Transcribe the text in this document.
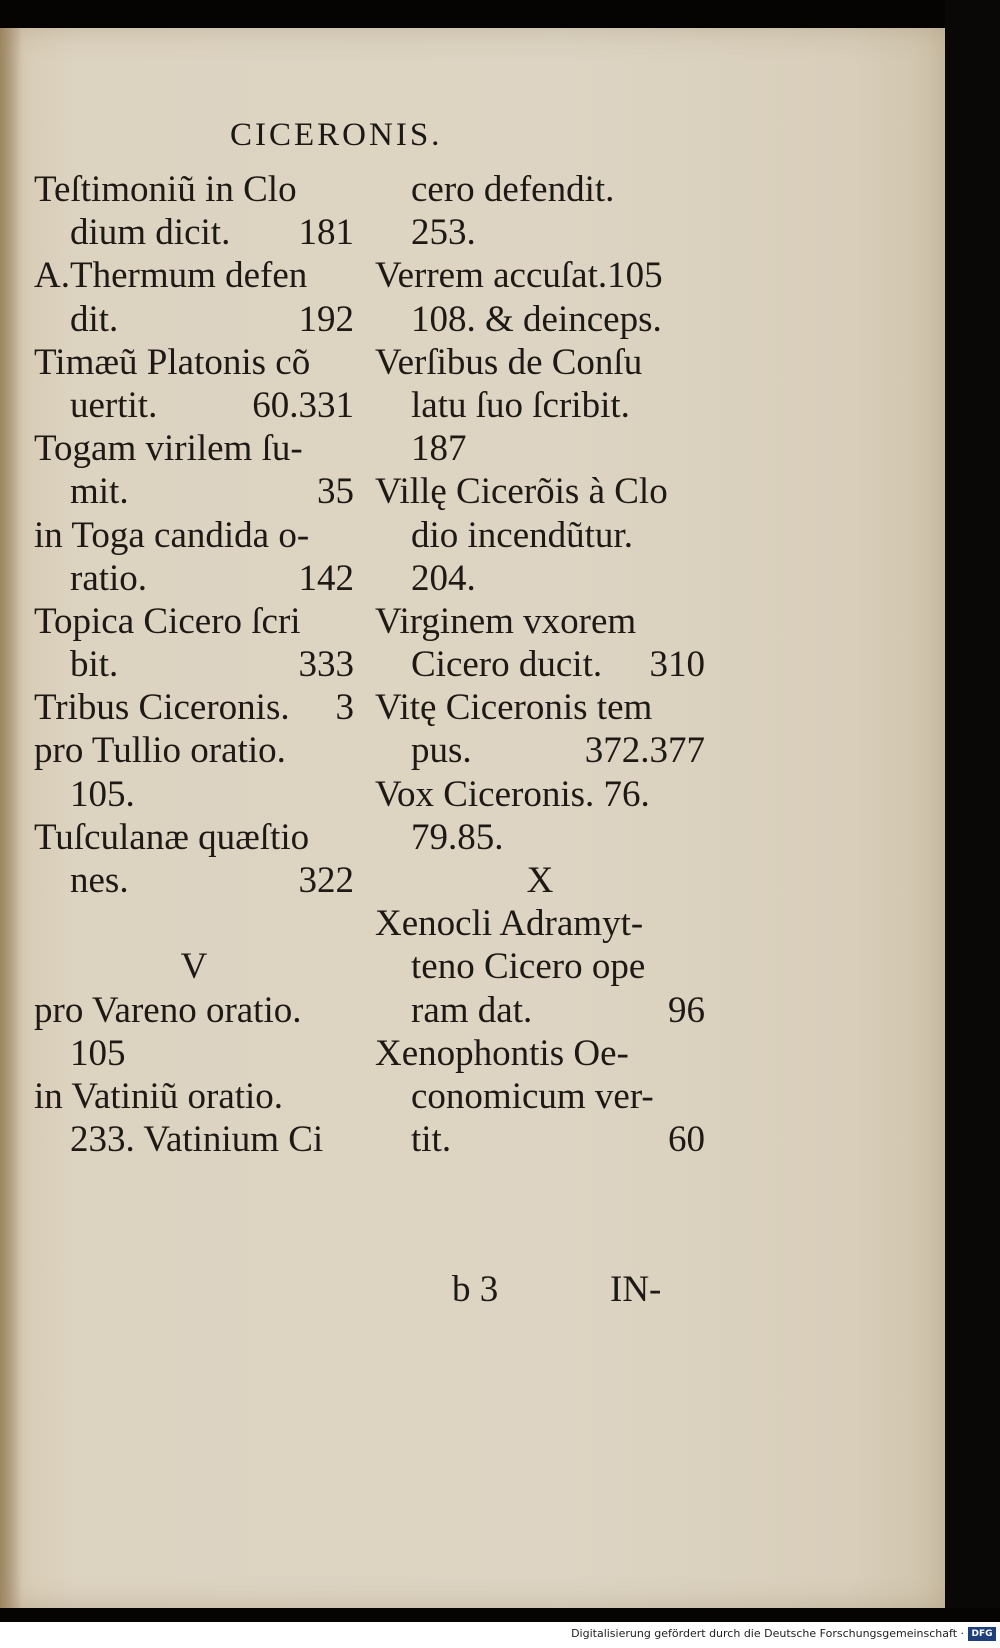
CICERONIS.
Teſtimoniũ in Clo
dium dicit. 181
A.Thermum defen
dit.	192
Timæũ Platonis cõ
uertit.	60.331
Togam virilem ſu-
mit.	35
in Toga candida o-
ratio.	142
Topica Cicero ſcri
bit.	333
Tribus Ciceronis. 3
pro Tullio oratio.
105.
Tuſculanæ quæſtio
nes.	322
V
pro Vareno oratio.
105
in Vatiniũ oratio.
233. Vatinium Ci
cero defendit.
253.
Verrem accuſat.105
108. & deinceps.
Verſibus de Conſu
latu ſuo ſcribit.
187
Villę Cicerõis à Clo
dio incendũtur.
204.
Virginem vxorem
Cicero ducit. 310
Vitę Ciceronis tem
pus.	372.377
Vox Ciceronis. 76.
79.85.
X
Xenocli Adramyt-
teno Cicero ope
ram dat.	96
Xenophontis Oe-
conomicum ver-
tit.	60
b 3	IN-
Digitalisierung gefördert durch die Deutsche Forschungsgemeinschaft · DFG
